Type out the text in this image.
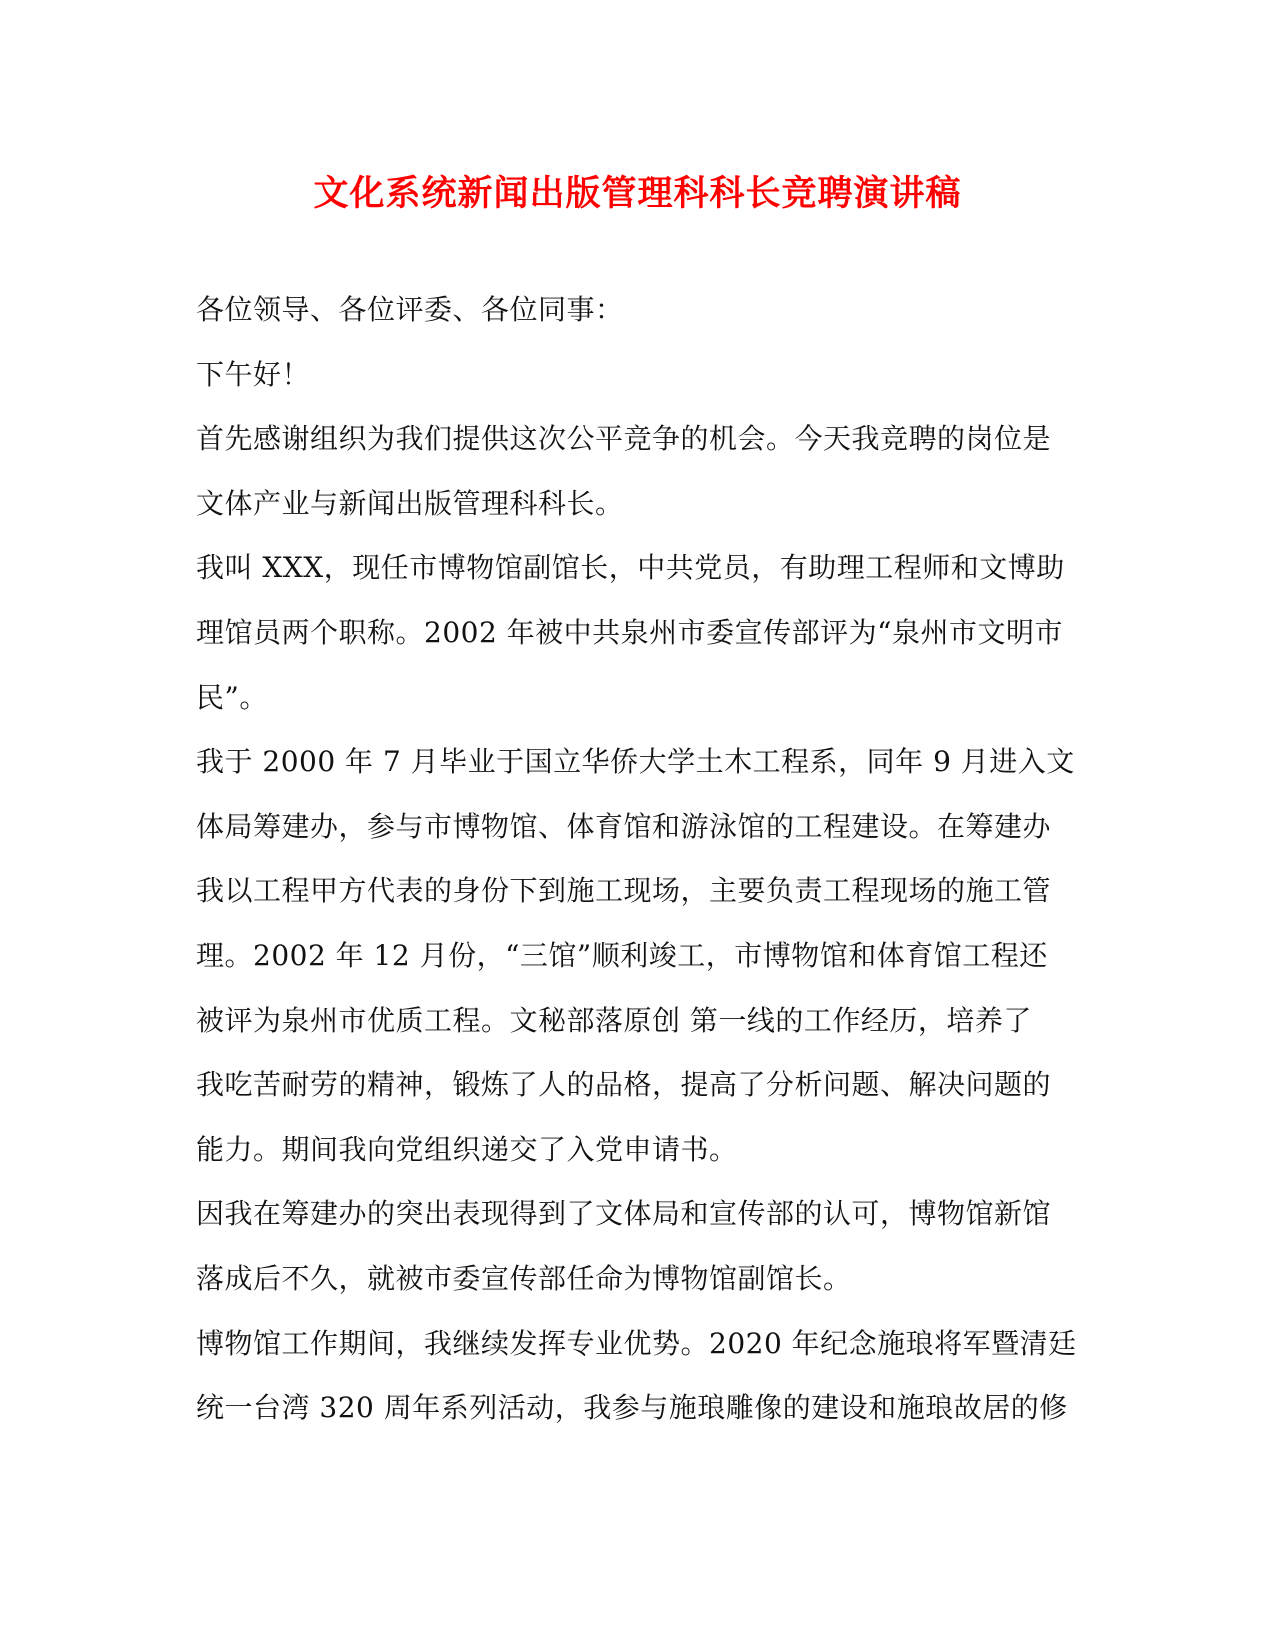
文化系统新闻出版管理科科长竞聘演讲稿

各位领导、各位评委、各位同事：

下午好！

首先感谢组织为我们提供这次公平竞争的机会。今天我竞聘的岗位是
文体产业与新闻出版管理科科长。

我叫 XXX，现任市博物馆副馆长，中共党员，有助理工程师和文博助
理馆员两个职称。2002 年被中共泉州市委宣传部评为“泉州市文明市
民”。

我于 2000 年 7 月毕业于国立华侨大学土木工程系，同年 9 月进入文
体局筹建办，参与市博物馆、体育馆和游泳馆的工程建设。在筹建办
我以工程甲方代表的身份下到施工现场，主要负责工程现场的施工管
理。2002 年 12 月份，“三馆”顺利竣工，市博物馆和体育馆工程还
被评为泉州市优质工程。文秘部落原创 第一线的工作经历，培养了
我吃苦耐劳的精神，锻炼了人的品格，提高了分析问题、解决问题的
能力。期间我向党组织递交了入党申请书。

因我在筹建办的突出表现得到了文体局和宣传部的认可，博物馆新馆
落成后不久，就被市委宣传部任命为博物馆副馆长。

博物馆工作期间，我继续发挥专业优势。2020 年纪念施琅将军暨清廷
统一台湾 320 周年系列活动，我参与施琅雕像的建设和施琅故居的修
